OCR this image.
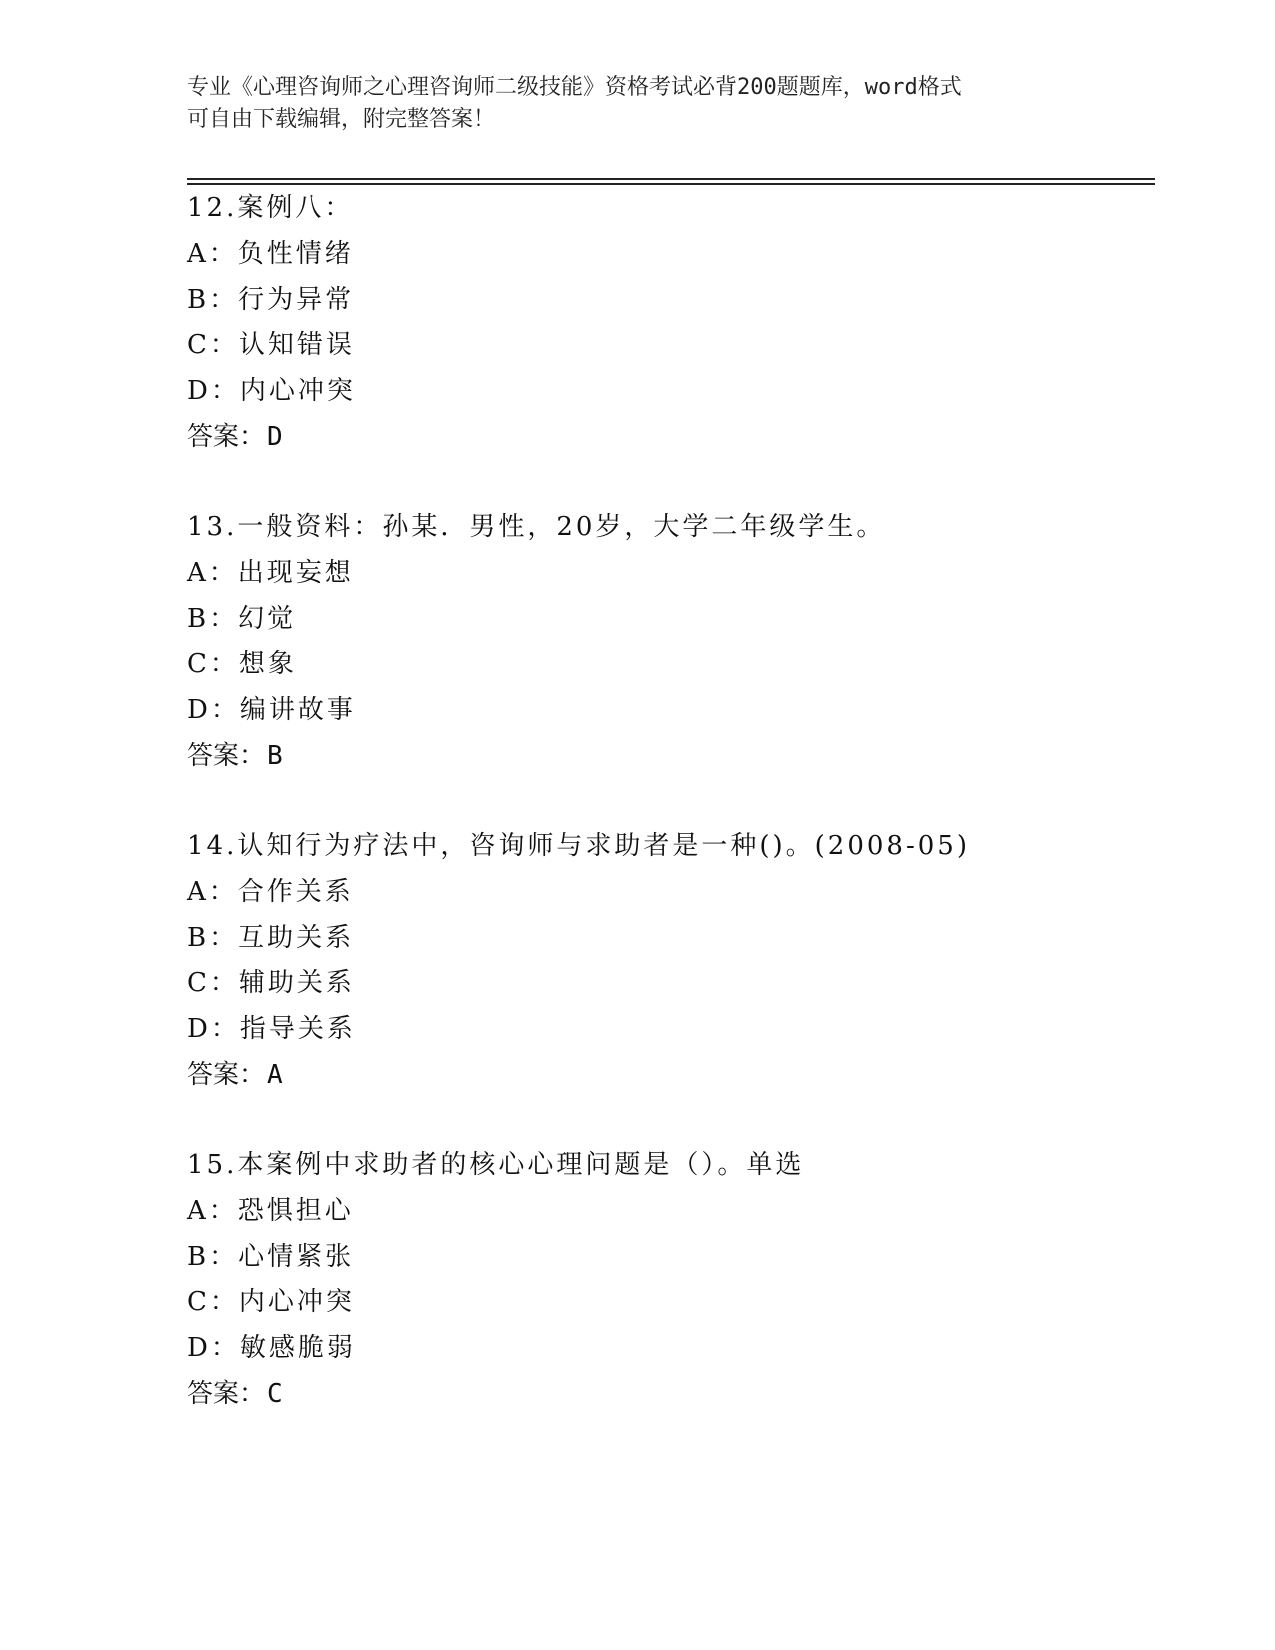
专业《心理咨询师之心理咨询师二级技能》资格考试必背200题题库，word格式
可自由下载编辑，附完整答案！
12.案例八：
A：负性情绪
B：行为异常
C：认知错误
D：内心冲突
答案：D
13.一般资料：孙某．男性，20岁，大学二年级学生。
A：出现妄想
B：幻觉
C：想象
D：编讲故事
答案：B
14.认知行为疗法中，咨询师与求助者是一种()。(2008-05)
A：合作关系
B：互助关系
C：辅助关系
D：指导关系
答案：A
15.本案例中求助者的核心心理问题是（）。单选
A：恐惧担心
B：心情紧张
C：内心冲突
D：敏感脆弱
答案：C
